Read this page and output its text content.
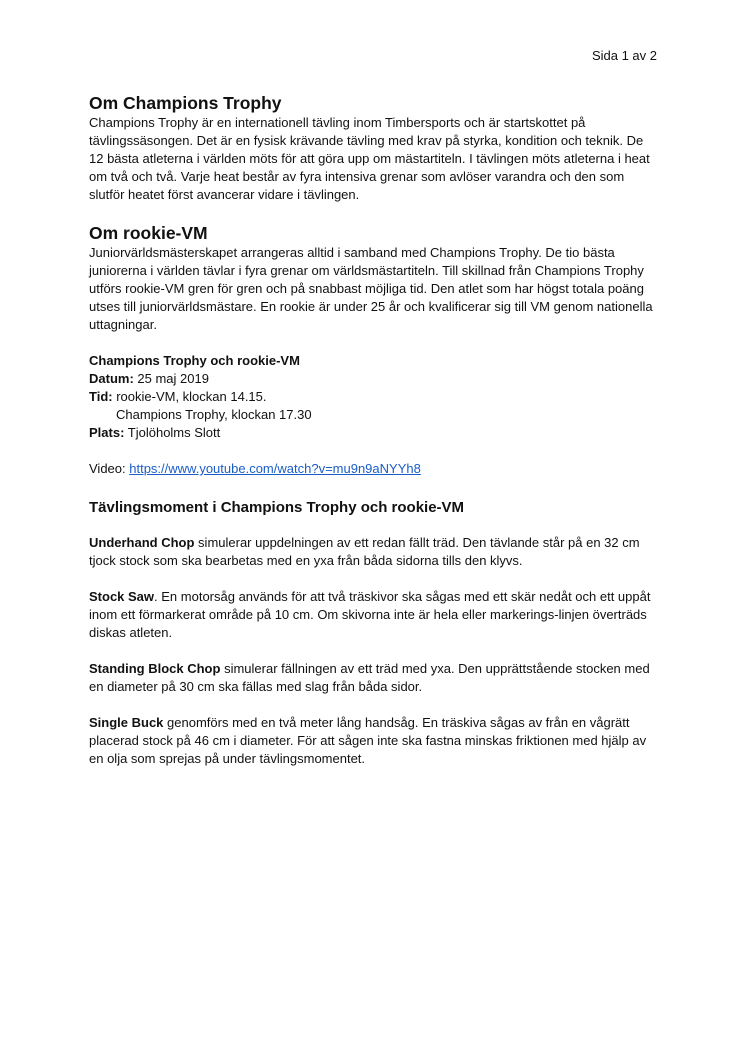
Sida 1 av 2
Om Champions Trophy

Champions Trophy är en internationell tävling inom Timbersports och är startskottet på tävlingssäsongen. Det är en fysisk krävande tävling med krav på styrka, kondition och teknik. De 12 bästa atleterna i världen möts för att göra upp om mästartiteln. I tävlingen möts atleterna i heat om två och två. Varje heat består av fyra intensiva grenar som avlöser varandra och den som slutför heatet först avancerar vidare i tävlingen.

Om rookie-VM

Juniorvärldsmästerskapet arrangeras alltid i samband med Champions Trophy. De tio bästa juniorerna i världen tävlar i fyra grenar om världsmästartiteln. Till skillnad från Champions Trophy utförs rookie-VM gren för gren och på snabbast möjliga tid. Den atlet som har högst totala poäng utses till juniorvärldsmästare. En rookie är under 25 år och kvalificerar sig till VM genom nationella uttagningar.

Champions Trophy och rookie-VM

Datum: 25 maj 2019

Tid: rookie-VM, klockan 14.15.

Champions Trophy, klockan 17.30

Plats: Tjolöholms Slott

Video: https://www.youtube.com/watch?v=mu9n9aNYYh8

Tävlingsmoment i Champions Trophy och rookie-VM

Underhand Chop simulerar uppdelningen av ett redan fällt träd. Den tävlande står på en 32 cm tjock stock som ska bearbetas med en yxa från båda sidorna tills den klyvs.

Stock Saw. En motorsåg används för att två träskivor ska sågas med ett skär nedåt och ett uppåt inom ett förmarkerat område på 10 cm. Om skivorna inte är hela eller markerings-linjen överträds diskas atleten.

Standing Block Chop simulerar fällningen av ett träd med yxa. Den upprättstående stocken med en diameter på 30 cm ska fällas med slag från båda sidor.

Single Buck genomförs med en två meter lång handsåg. En träskiva sågas av från en vågrätt placerad stock på 46 cm i diameter. För att sågen inte ska fastna minskas friktionen med hjälp av en olja som sprejas på under tävlingsmomentet.
